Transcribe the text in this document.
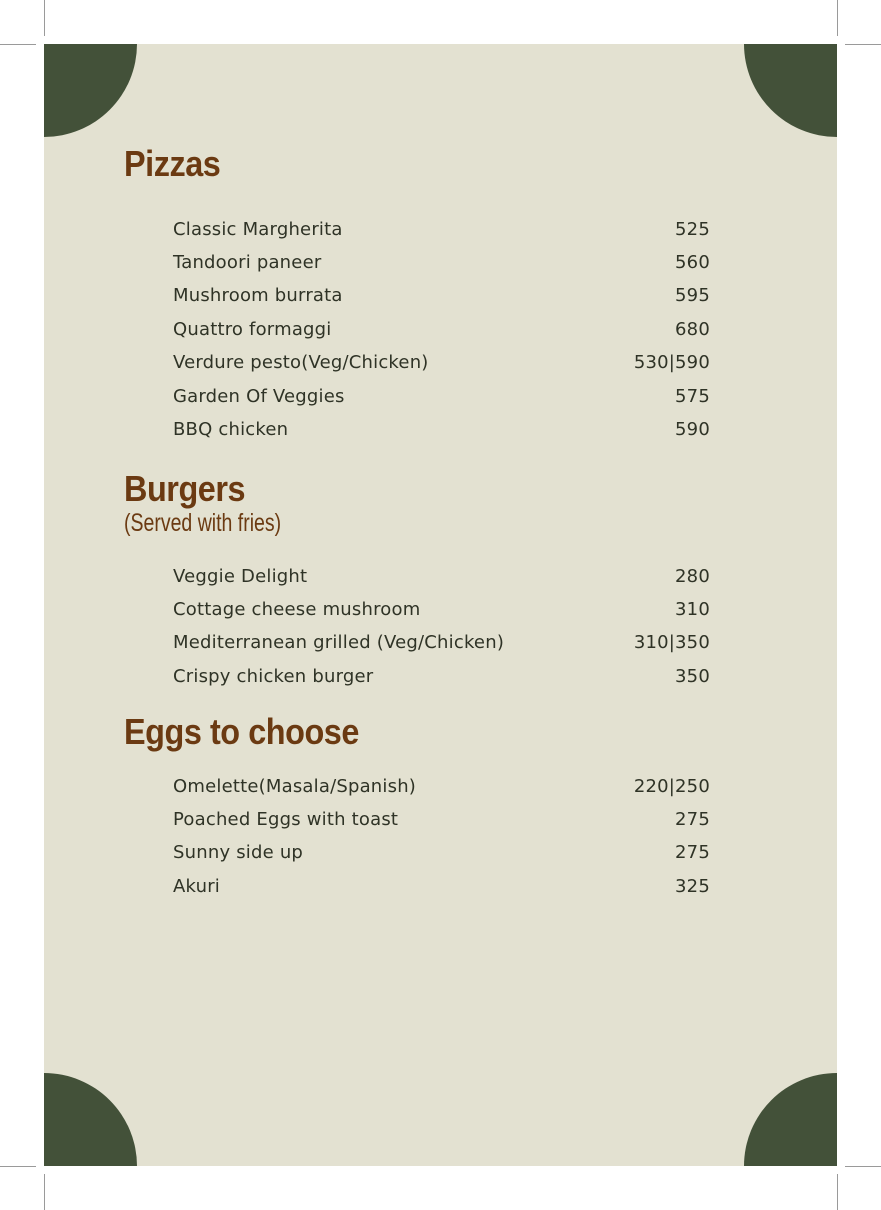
Pizzas
Classic Margherita	525
Tandoori paneer	560
Mushroom burrata	595
Quattro formaggi	680
Verdure pesto(Veg/Chicken)	530|590
Garden Of Veggies	575
BBQ chicken	590
Burgers
(Served with fries)
Veggie Delight	280
Cottage cheese mushroom	310
Mediterranean grilled (Veg/Chicken)	310|350
Crispy chicken burger	350
Eggs to choose
Omelette(Masala/Spanish)	220|250
Poached Eggs with toast	275
Sunny side up	275
Akuri	325
